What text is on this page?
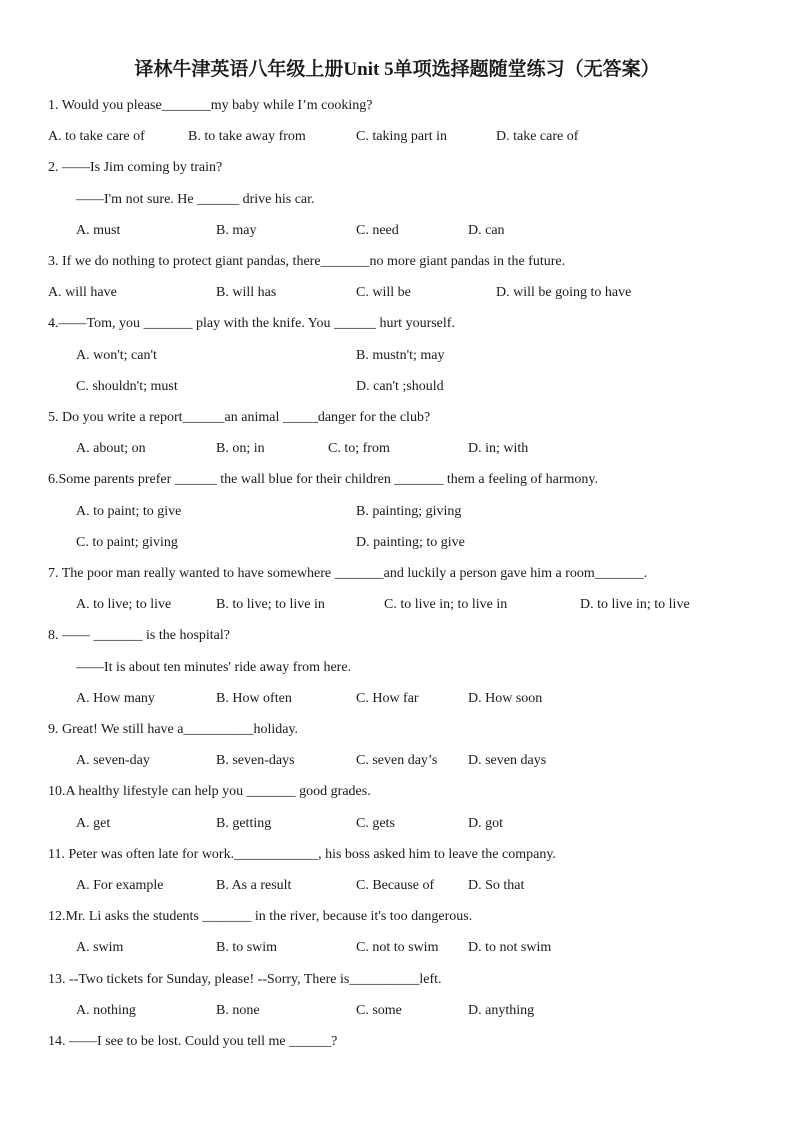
译林牛津英语八年级上册Unit 5单项选择题随堂练习（无答案）
1. Would you please_______my baby while I’m cooking?
A. to take care of	B. to take away from	C. taking part in	D. take care of
2. ——Is Jim coming by train?
——I'm not sure. He ______ drive his car.
A. must	B. may	C. need	D. can
3. If we do nothing to protect giant pandas, there_______no more giant pandas in the future.
A. will have	B. will has	C. will be	D. will be going to have
4.——Tom, you _______ play with the knife. You ______ hurt yourself.
A. won't; can't	B. mustn't; may
C. shouldn't; must	D. can't ;should
5. Do you write a report______an animal _____danger for the club?
A. about; on	B. on; in	C. to; from	D. in; with
6.Some parents prefer ______ the wall blue for their children _______ them a feeling of harmony.
A. to paint; to give	B. painting; giving
C. to paint; giving	D. painting; to give
7. The poor man really wanted to have somewhere _______and luckily a person gave him a room_______.
A. to live; to live	B. to live; to live in	C. to live in; to live in	D. to live in; to live
8. —— _______ is the hospital?
——It is about ten minutes' ride away from here.
A. How many	B. How often	C. How far	D. How soon
9. Great! We still have a__________holiday.
A. seven-day	B. seven-days	C. seven day’s D. seven days
10.A healthy lifestyle can help you _______ good grades.
A. get	B. getting	C. gets	D. got
11. Peter was often late for work.____________, his boss asked him to leave the company.
A. For example	B. As a result	C. Because of D. So that
12.Mr. Li asks the students _______ in the river, because it's too dangerous.
A. swim	B. to swim	C. not to swim D. to not swim
13. --Two tickets for Sunday, please! --Sorry, There is__________left.
A. nothing	B. none	C. some	D. anything
14. ——I see to be lost. Could you tell me ______?
